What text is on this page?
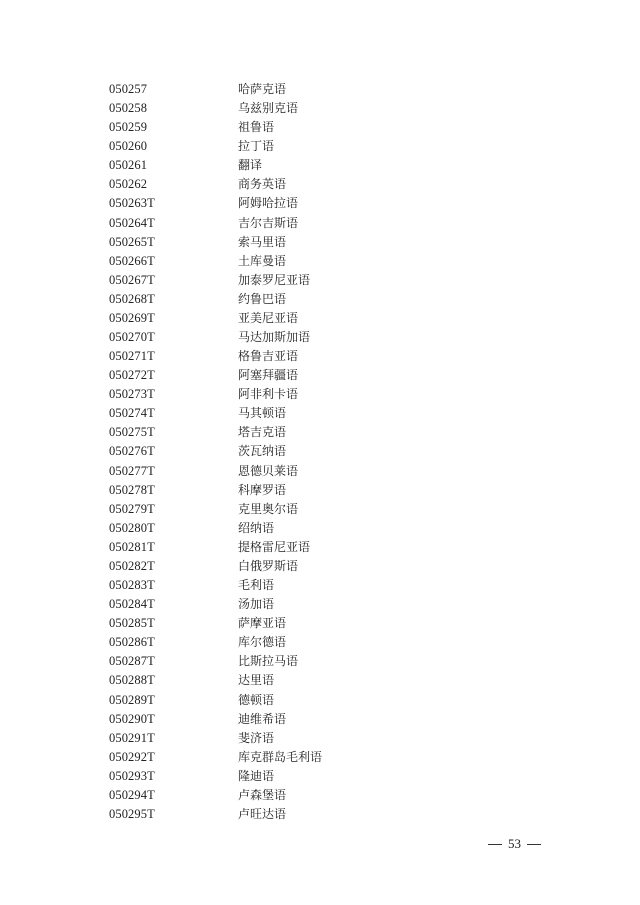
050257	哈萨克语
050258	乌兹别克语
050259	祖鲁语
050260	拉丁语
050261	翻译
050262	商务英语
050263T	阿姆哈拉语
050264T	吉尔吉斯语
050265T	索马里语
050266T	土库曼语
050267T	加泰罗尼亚语
050268T	约鲁巴语
050269T	亚美尼亚语
050270T	马达加斯加语
050271T	格鲁吉亚语
050272T	阿塞拜疆语
050273T	阿非利卡语
050274T	马其顿语
050275T	塔吉克语
050276T	茨瓦纳语
050277T	恩德贝莱语
050278T	科摩罗语
050279T	克里奥尔语
050280T	绍纳语
050281T	提格雷尼亚语
050282T	白俄罗斯语
050283T	毛利语
050284T	汤加语
050285T	萨摩亚语
050286T	库尔德语
050287T	比斯拉马语
050288T	达里语
050289T	德顿语
050290T	迪维希语
050291T	斐济语
050292T	库克群岛毛利语
050293T	隆迪语
050294T	卢森堡语
050295T	卢旺达语
53
